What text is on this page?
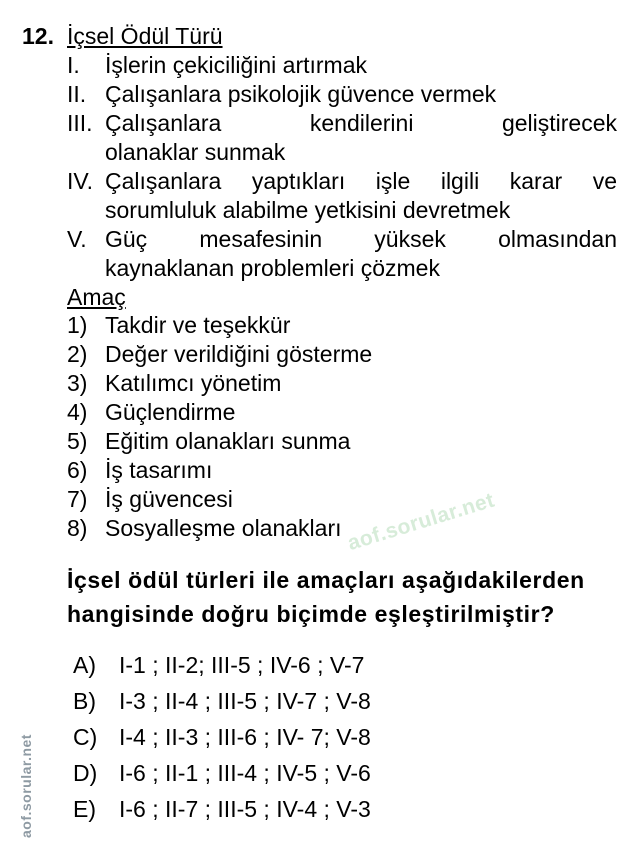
aof.sorular.net
aof.sorular.net
12. İçsel Ödül Türü
I. İşlerin çekiciliğini artırmak
II. Çalışanlara psikolojik güvence vermek
III. Çalışanlara kendilerini geliştirecek
olanaklar sunmak
IV. Çalışanlara yaptıkları işle ilgili karar ve
sorumluluk alabilme yetkisini devretmek
V. Güç mesafesinin yüksek olmasından
kaynaklanan problemleri çözmek
Amaç
1) Takdir ve teşekkür
2) Değer verildiğini gösterme
3) Katılımcı yönetim
4) Güçlendirme
5) Eğitim olanakları sunma
6) İş tasarımı
7) İş güvencesi
8) Sosyalleşme olanakları
İçsel ödül türleri ile amaçları aşağıdakilerden
hangisinde doğru biçimde eşleştirilmiştir?
A) I-1 ; II-2; III-5 ; IV-6 ; V-7
B) I-3 ; II-4 ; III-5 ; IV-7 ; V-8
C) I-4 ; II-3 ; III-6 ; IV- 7; V-8
D) I-6 ; II-1 ; III-4 ; IV-5 ; V-6
E) I-6 ; II-7 ; III-5 ; IV-4 ; V-3
